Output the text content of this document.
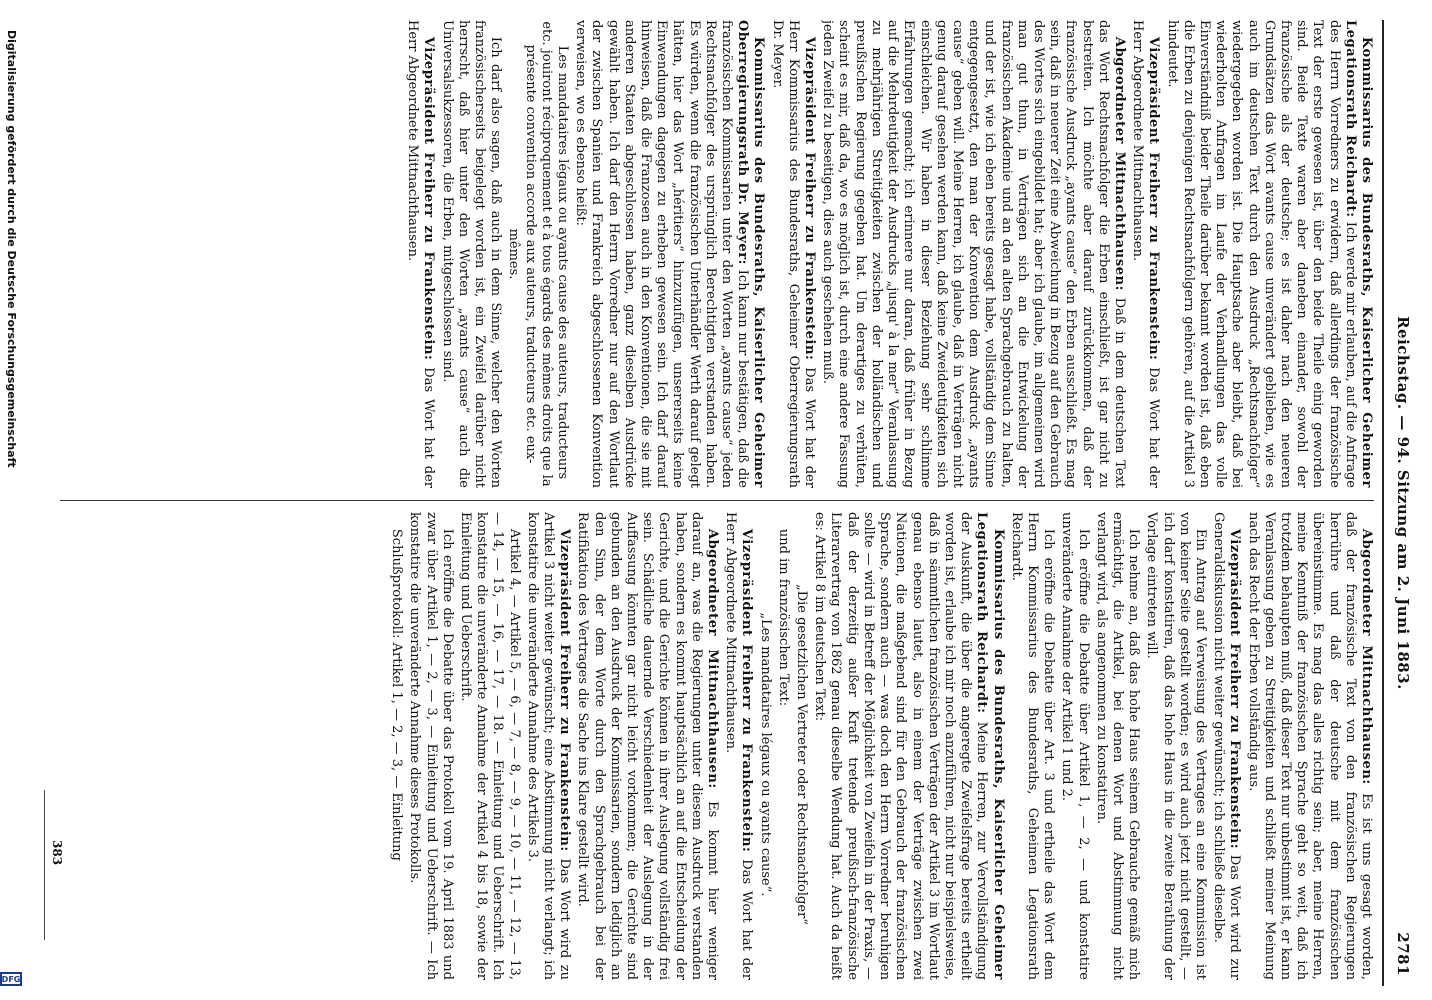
Reichstag. — 94. Sitzung am 2. Juni 1883.
2781

Kommissarius des Bundesraths, Kaiserlicher Geheimer Legationsrath Reichardt: Ich werde mir erlauben, auf die Anfrage des Herrn Vorredners zu erwidern, daß allerdings der französische Text der erste gewesen ist, über den beide Theile einig geworden sind. Beide Texte waren aber daneben einander, sowohl der französische als der deutsche; es ist daher nach den neueren Grundsätzen das Wort avants cause unverändert geblieben, wie es auch im deutschen Text durch den Ausdruck „Rechtsnachfolger“ wiedergegeben worden ist. Die Hauptsache aber bleibt, daß bei wiederholten Anfragen im Laufe der Verhandlungen das volle Einverständniß beider Theile darüber bekannt worden ist, daß eben die Erben zu denjenigen Rechtsnachfolgern gehören, auf die Artikel 3 hindeutet.

Vizepräsident Freiherr zu Frankenstein: Das Wort hat der Herr Abgeordnete Mittnachthausen.

Abgeordneter Mittnachthausen: Daß in dem deutschen Text das Wort Rechtsnachfolger die Erben einschließt, ist gar nicht zu bestreiten. Ich möchte aber darauf zurückkommen, daß der französische Ausdruck „ayants cause“ den Erben ausschließt. Es mag sein, daß in neuerer Zeit eine Abweichung in Bezug auf den Gebrauch des Wortes sich eingebildet hat; aber ich glaube, im allgemeinen wird man gut thun, in Verträgen sich an die Entwickelung der französischen Akademie und an den alten Sprachgebrauch zu halten, und der ist, wie ich eben bereits gesagt habe, vollständig dem Sinne entgegengesetzt, den man der Konvention dem Ausdruck „ayants cause“ geben will. Meine Herren, ich glaube, daß in Verträgen nicht genug darauf gesehen werden kann, daß keine Zweideutigkeiten sich einschleichen. Wir haben in dieser Beziehung sehr schlimme Erfahrungen gemacht; ich erinnere nur daran, daß früher in Bezug auf die Mehrdeutigkeit der Ausdrucks „jusqu' à la mer“ Veranlassung zu mehrjährigen Streitigkeiten zwischen der holländischen und preußischen Regierung gegeben hat. Um derartiges zu verhüten, scheint es mir, daß da, wo es möglich ist, durch eine andere Fassung jeden Zweifel zu beseitigen, dies auch geschehen muß.

Vizepräsident Freiherr zu Frankenstein: Das Wort hat der Herr Kommissarius des Bundesraths, Geheimer Oberregierungsrath Dr. Meyer.

Kommissarius des Bundesraths, Kaiserlicher Geheimer Oberregierungsrath Dr. Meyer: Ich kann nur bestätigen, daß die französischen Kommissarien unter den Worten „ayants cause“ jeden Rechtsnachfolger des ursprünglich Berechtigten verstanden haben. Es würden, wenn die französischen Unterhändler Werth darauf gelegt hätten, hier das Wort „héritiers“ hinzuzufügen, unsererseits keine Einwendungen dagegen zu erheben gewesen sein. Ich darf darauf hinweisen, daß die Franzosen auch in den Konventionen, die sie mit anderen Staaten abgeschlossen haben, ganz dieselben Ausdrücke gewählt haben. Ich darf den Herrn Vorredner nur auf den Wortlaut der zwischen Spanien und Frankreich abgeschlossenen Konvention verweisen, wo es ebenso heißt:

Les mandataires légaux ou ayants cause des auteurs, traducteurs etc. jouiront réciproquement et à tous égards des mêmes droits que la présente convention accorde aux auteurs, traducteurs etc. eux-mêmes.

Ich darf also sagen, daß auch in dem Sinne, welcher den Worten französischerseits beigelegt worden ist, ein Zweifel darüber nicht herrscht, daß hier unter den Worten „ayants cause“ auch die Universalsukzessoren, die Erben, mitgeschlossen sind.

Vizepräsident Freiherr zu Frankenstein: Das Wort hat der Herr Abgeordnete Mittnachthausen.

Abgeordneter Mittnachthausen: Es ist uns gesagt worden, daß der französische Text von den französischen Regierungen herrühre und daß der deutsche mit dem französischen übereinstimme. Es mag das alles richtig sein; aber, meine Herren, meine Kenntniß der französischen Sprache geht so weit, daß ich trotzdem behaupten muß, daß dieser Text nur unbestimmt ist, er kann Veranlassung geben zu Streitigkeiten und schließt meiner Meinung nach das Recht der Erben vollständig aus.

Vizepräsident Freiherr zu Frankenstein: Das Wort wird zur Generaldiskussion nicht weiter gewünscht; ich schließe dieselbe.

Ein Antrag auf Verweisung des Vertrages an eine Kommission ist von keiner Seite gestellt worden; es wird auch jetzt nicht gestellt, — ich darf konstatiren, daß das hohe Haus in die zweite Berathung der Vorlage eintreten will.

Ich nehme an, daß das hohe Haus seinem Gebrauche gemäß mich ermächtigt, die Artikel, bei denen Wort und Abstimmung nicht verlangt wird, als angenommen zu konstatiren.

Ich eröffne die Debatte über Artikel 1, — 2, — und konstatire unveränderte Annahme der Artikel 1 und 2.

Ich eröffne die Debatte über Art. 3 und ertheile das Wort dem Herrn Kommissarius des Bundesraths, Geheimen Legationsrath Reichardt.

Kommissarius des Bundesraths, Kaiserlicher Geheimer Legationsrath Reichardt: Meine Herren, zur Vervollständigung der Auskunft, die über die angeregte Zweifelsfrage bereits ertheilt worden ist, erlaube ich mir noch anzuführen, nicht nur beispielsweise, daß in sämmtlichen französischen Verträgen der Artikel 3 im Wortlaut genau ebenso lautet, also in einem der Verträge zwischen zwei Nationen, die maßgebend sind für den Gebrauch der französischen Sprache, sondern auch — was doch den Herrn Vorredner beruhigen sollte — wird in Betreff der Möglichkeit von Zweifeln in der Praxis, — daß der derzeitig außer Kraft tretende preußisch-französische Literarvertrag von 1862 genau dieselbe Wendung hat. Auch da heißt es: Artikel 8 im deutschen Text:

„Die gesetzlichen Vertreter oder Rechtsnachfolger“

und im französischen Text:

„Les mandataires légaux ou ayants cause“.

Vizepräsident Freiherr zu Frankenstein: Das Wort hat der Herr Abgeordnete Mittnachthausen.

Abgeordneter Mittnachthausen: Es kommt hier weniger darauf an, was die Regierungen unter diesem Ausdruck verstanden haben, sondern es kommt hauptsächlich an auf die Entscheidung der Gerichte, und die Gerichte können in ihrer Auslegung vollständig frei sein. Schädliche dauernde Verschiedenheit der Auslegung in der Auffassung könnten gar nicht leicht vorkommen; die Gerichte sind gebunden an den Ausdruck der Kommissarien, sondern lediglich an den Sinn, der dem Worte durch den Sprachgebrauch bei der Ratifikation des Vertrages die Sache ins Klare gestellt wird.

Vizepräsident Freiherr zu Frankenstein: Das Wort wird zu Artikel 3 nicht weiter gewünscht; eine Abstimmung nicht verlangt; ich konstatire die unveränderte Annahme des Artikels 3.

Artikel 4, — Artikel 5, — 6, — 7, — 8, — 9, — 10, — 11, — 12, — 13, — 14, — 15, — 16, — 17, — 18. — Einleitung und Ueberschrift. Ich konstatire die unveränderte Annahme der Artikel 4 bis 18, sowie der Einleitung und Ueberschrift.

Ich eröffne die Debatte über das Protokoll vom 19. April 1883 und zwar über Artikel 1, — 2, — 3, — Einleitung und Ueberschrift. — Ich konstatire die unveränderte Annahme dieses Protokolls.

Schlußprotokoll: Artikel 1, — 2, — 3, — Einleitung

383
Digitalisierung gefördert durch die Deutsche Forschungsgemeinschaft
DFG
